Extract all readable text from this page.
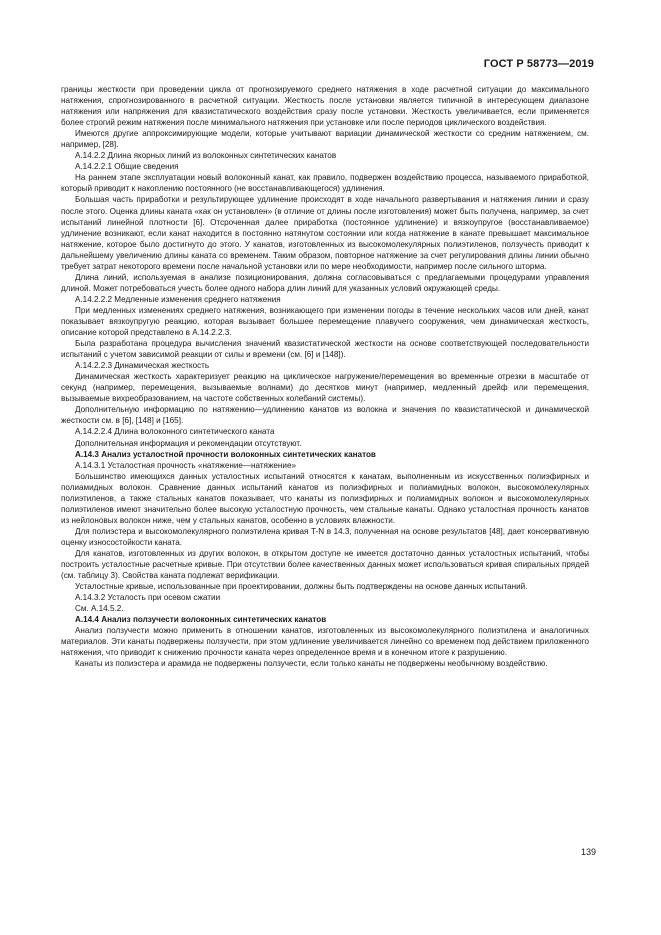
ГОСТ Р 58773—2019

границы жесткости при проведении цикла от прогнозируемого среднего натяжения в ходе расчетной ситуации до максимального натяжения, спрогнозированного в расчетной ситуации. Жесткость после установки является типичной в интересующем диапазоне натяжения или напряжения для квазистатического воздействия сразу после установки. Жесткость увеличивается, если применяется более строгий режим натяжения после минимального натяжения при установке или после периодов циклического воздействия.

Имеются другие аппроксимирующие модели, которые учитывают вариации динамической жесткости со средним натяжением, см. например, [28].

А.14.2.2 Длина якорных линий из волоконных синтетических канатов

А.14.2.2.1 Общие сведения

На раннем этапе эксплуатации новый волоконный канат, как правило, подвержен воздействию процесса, называемого приработкой, который приводит к накоплению постоянного (не восстанавливающегося) удлинения.

Большая часть приработки и результирующее удлинение происходят в ходе начального развертывания и натяжения линии и сразу после этого. Оценка длины каната «как он установлен» (в отличие от длины после изготовления) может быть получена, например, за счет испытаний линейной плотности [6]. Отсроченная далее приработка (постоянное удлинение) и вязкоупругое (восстанавливаемое) удлинение возникают, если канат находится в постоянно натянутом состоянии или когда натяжение в канате превышает максимальное натяжение, которое было достигнуто до этого. У канатов, изготовленных из высокомолекулярных полиэтиленов, ползучесть приводит к дальнейшему увеличению длины каната со временем. Таким образом, повторное натяжение за счет регулирования длины линии обычно требует затрат некоторого времени после начальной установки или по мере необходимости, например после сильного шторма.

Длина линий, используемая в анализе позиционирования, должна согласовываться с предлагаемыми процедурами управления длиной. Может потребоваться учесть более одного набора длин линий для указанных условий окружающей среды.

А.14.2.2.2 Медленные изменения среднего натяжения

При медленных изменениях среднего натяжения, возникающего при изменении погоды в течение нескольких часов или дней, канат показывает вязкоупругую реакцию, которая вызывает большее перемещение плавучего сооружения, чем динамическая жесткость, описание которой представлено в А.14.2.2.3.

Была разработана процедура вычисления значений квазистатической жесткости на основе соответствующей последовательности испытаний с учетом зависимой реакции от силы и времени (см. [6] и [148]).

А.14.2.2.3 Динамическая жесткость

Динамическая жесткость характеризует реакцию на циклическое нагружение/перемещения во временные отрезки в масштабе от секунд (например, перемещения, вызываемые волнами) до десятков минут (например, медленный дрейф или перемещения, вызываемые вихреобразованием, на частоте собственных колебаний системы).

Дополнительную информацию по натяжению—удлинению канатов из волокна и значения по квазистатической и динамической жесткости см. в [6], [148] и [165].

А.14.2.2.4 Длина волоконного синтетического каната

Дополнительная информация и рекомендации отсутствуют.

А.14.3 Анализ усталостной прочности волоконных синтетических канатов

А.14.3.1 Усталостная прочность «натяжение—натяжение»

Большинство имеющихся данных усталостных испытаний относятся к канатам, выполненным из искусственных полиэфирных и полиамидных волокон. Сравнение данных испытаний канатов из полиэфирных и полиамидных волокон, высокомолекулярных полиэтиленов, а также стальных канатов показывает, что канаты из полиэфирных и полиамидных волокон и высокомолекулярных полиэтиленов имеют значительно более высокую усталостную прочность, чем стальные канаты. Однако усталостная прочность канатов из нейлоновых волокон ниже, чем у стальных канатов, особенно в условиях влажности.

Для полиэстера и высокомолекулярного полиэтилена кривая T-N в 14.3, полученная на основе результатов [48], дает консервативную оценку износостойкости каната.

Для канатов, изготовленных из других волокон, в открытом доступе не имеется достаточно данных усталостных испытаний, чтобы построить усталостные расчетные кривые. При отсутствии более качественных данных может использоваться кривая спиральных прядей (см. таблицу 3). Свойства каната подлежат верификации.

Усталостные кривые, использованные при проектировании, должны быть подтверждены на основе данных испытаний.

А.14.3.2 Усталость при осевом сжатии

См. А.14.5.2.

А.14.4 Анализ ползучести волоконных синтетических канатов

Анализ ползучести можно применить в отношении канатов, изготовленных из высокомолекулярного полиэтилена и аналогичных материалов. Эти канаты подвержены ползучести, при этом удлинение увеличивается линейно со временем под действием приложенного натяжения, что приводит к снижению прочности каната через определенное время и в конечном итоге к разрушению.

Канаты из полиэстера и арамида не подвержены ползучести, если только канаты не подвержены необычному воздействию.

139
